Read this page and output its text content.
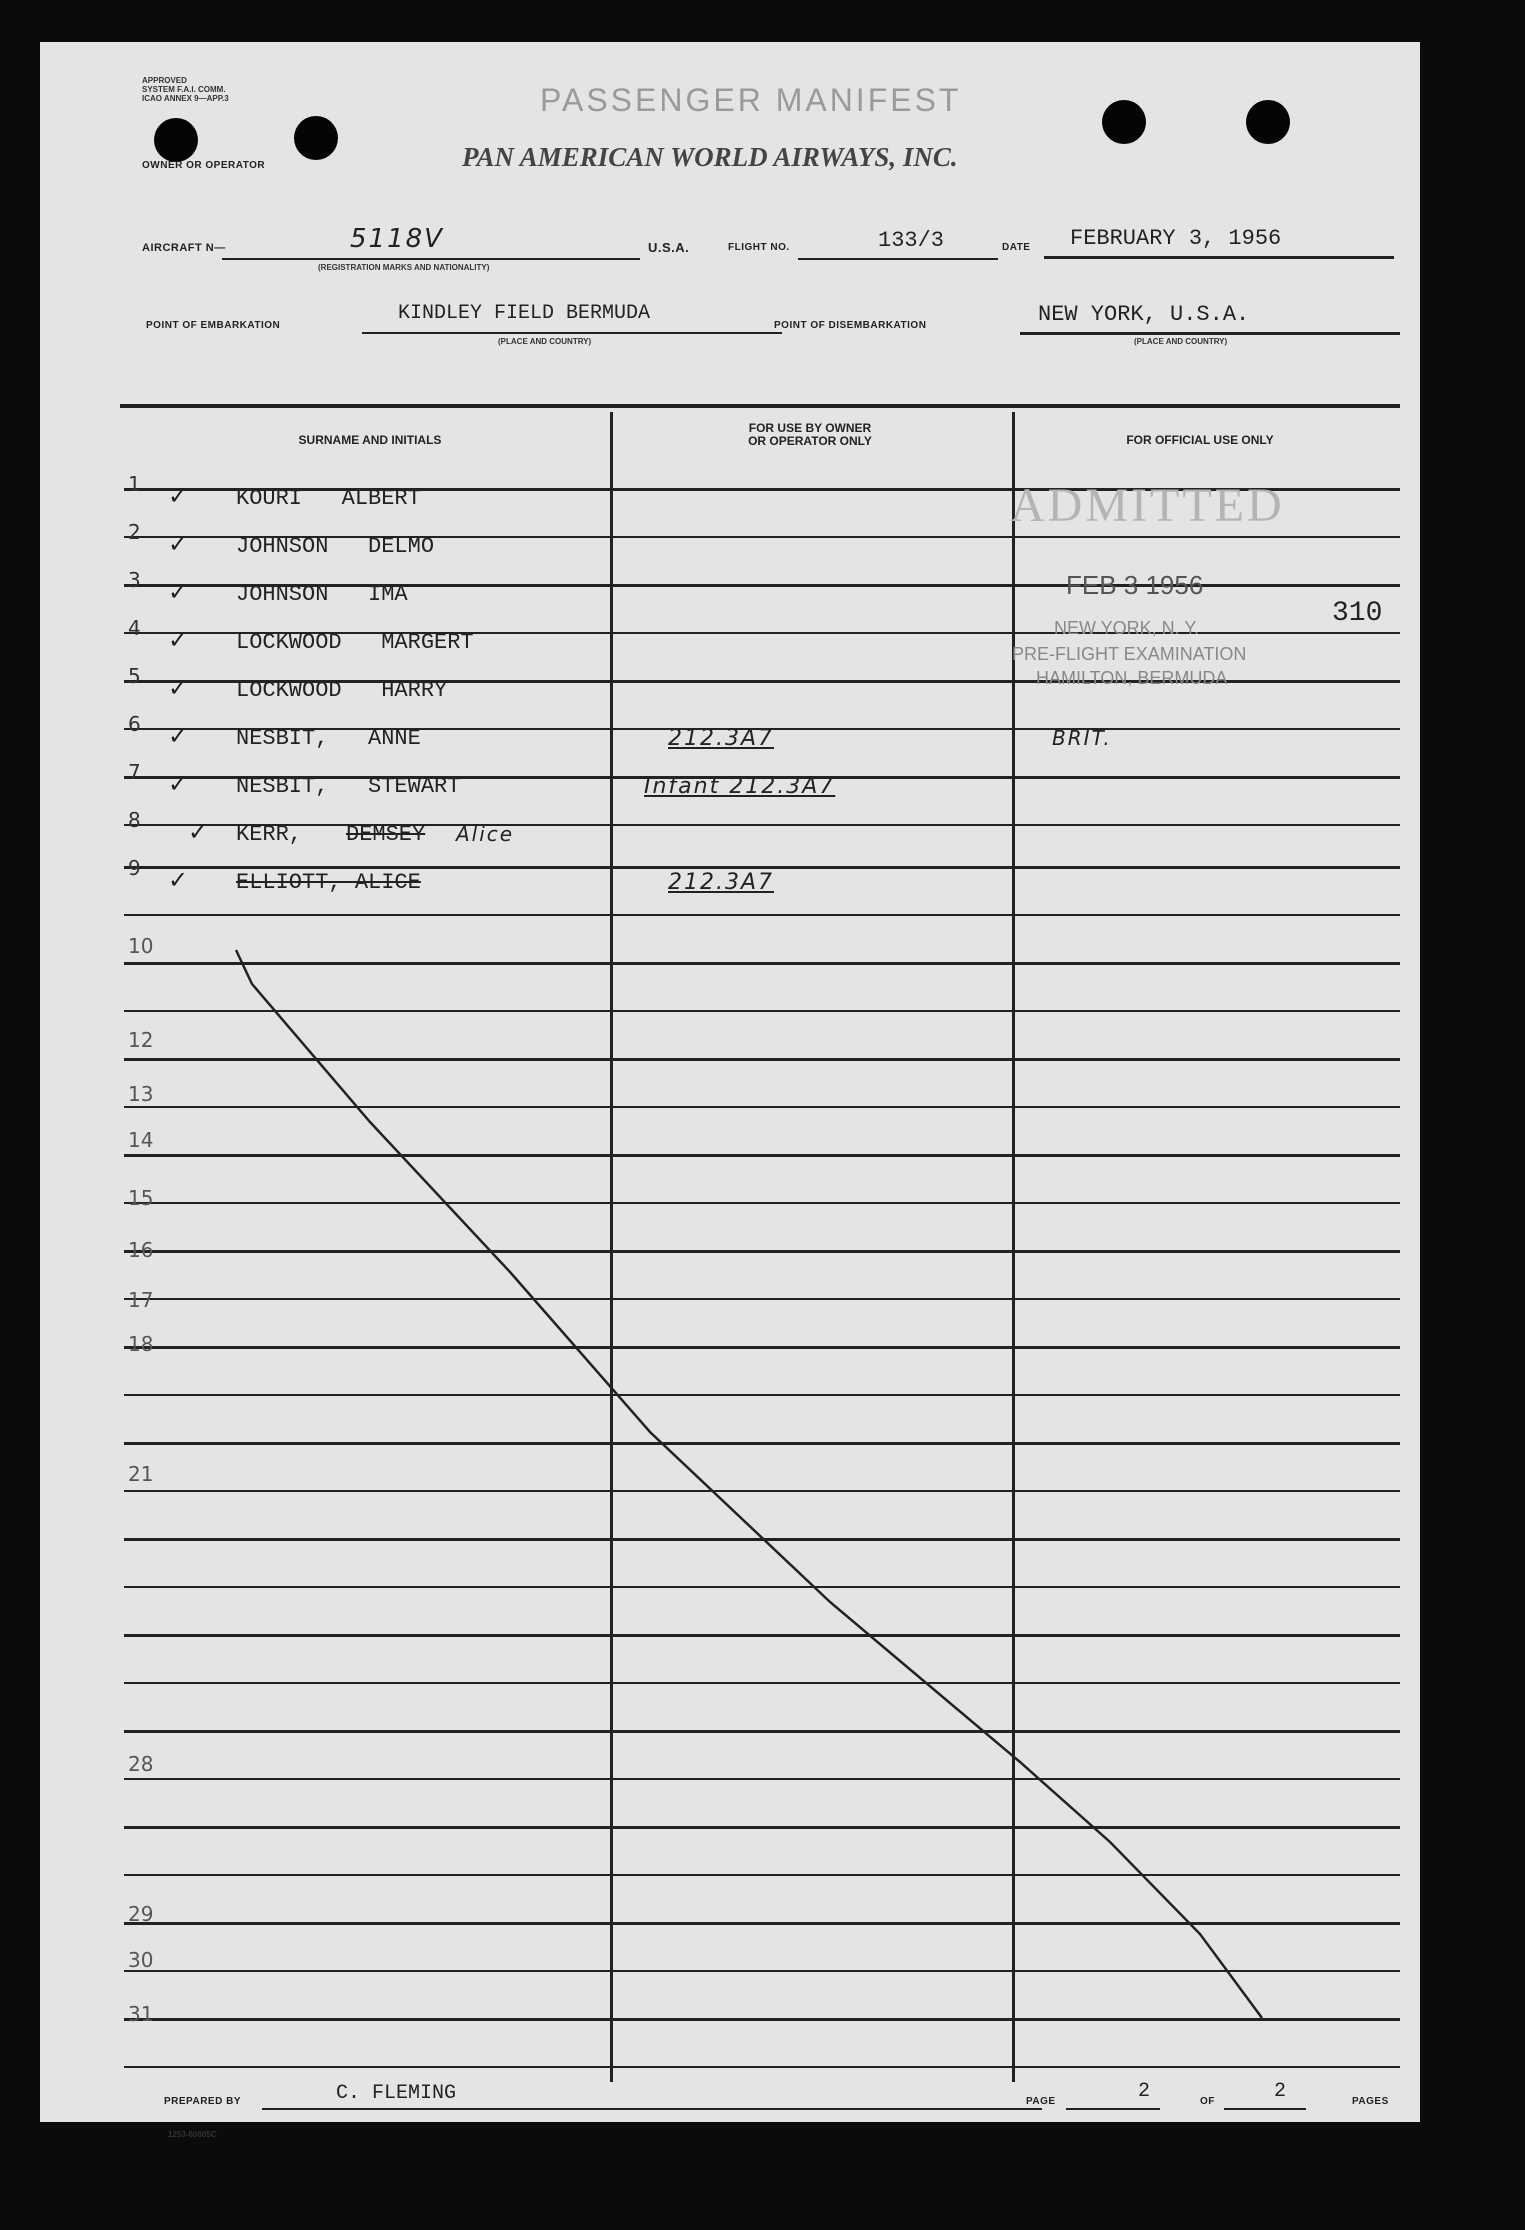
APPROVED
SYSTEM F.A.I. COMM.
ICAO ANNEX 9—APP.3
OWNER OR OPERATOR
PASSENGER MANIFEST
PAN AMERICAN WORLD AIRWAYS, INC.
AIRCRAFT N—	5118V
(REGISTRATION MARKS AND NATIONALITY)
U.S.A.	FLIGHT NO.	133/3	DATE FEBRUARY 3, 1956
POINT OF EMBARKATION
KINDLEY FIELD BERMUDA
(PLACE AND COUNTRY)
POINT OF DISEMBARKATION	NEW YORK, U.S.A.
(PLACE AND COUNTRY)
SURNAME AND INITIALS
FOR USE BY OWNER
OR OPERATOR ONLY	FOR OFFICIAL USE ONLY
1 ✓ KOURI   ALBERT
2 ✓ JOHNSON   DELMO
3 ✓ JOHNSON   IMA
4 ✓ LOCKWOOD   MARGERT
5 ✓ LOCKWOOD   HARRY
6 ✓ NESBIT,   ANNE	212.3A7	BRIT.
7 ✓ NESBIT,   STEWART	Infant 212.3A7
8 ✓ KERR, DEMSEY Alice
9 ✓ ELLIOTT, ALICE	212.3A7
10
12
13
14
15
16
17
18
21
28
29
30
31
310
ADMITTED
FEB 3 1956
NEW YORK, N. Y.
PRE-FLIGHT EXAMINATION
HAMILTON, BERMUDA
PREPARED BY	C. FLEMING	PAGE	2	OF	2	PAGES
1253-60605C
